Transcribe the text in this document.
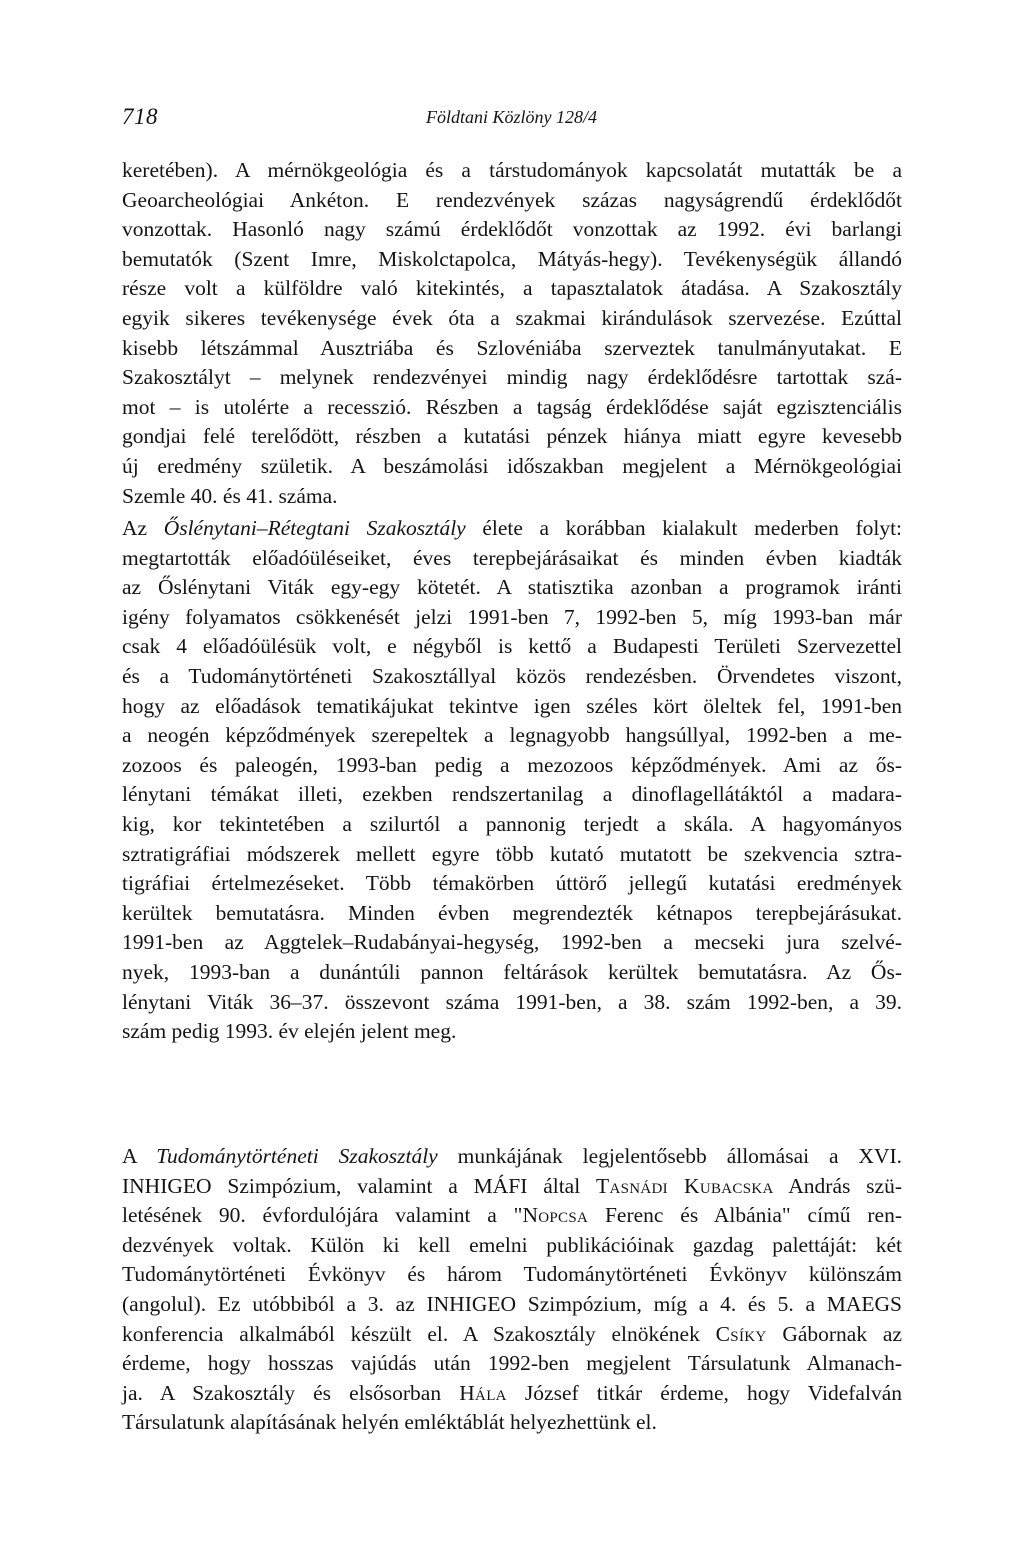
718	Földtani Közlöny 128/4
keretében). A mérnökgeológia és a társtudományok kapcsolatát mutatták be a
Geoarcheológiai Ankéton. E rendezvények százas nagyságrendű érdeklődőt
vonzottak. Hasonló nagy számú érdeklődőt vonzottak az 1992. évi barlangi
bemutatók (Szent Imre, Miskolctapolca, Mátyás-hegy). Tevékenységük állandó
része volt a külföldre való kitekintés, a tapasztalatok átadása. A Szakosztály
egyik sikeres tevékenysége évek óta a szakmai kirándulások szervezése. Ezúttal
kisebb létszámmal Ausztriába és Szlovéniába szerveztek tanulmányutakat. E
Szakosztályt – melynek rendezvényei mindig nagy érdeklődésre tartottak szá-
mot – is utolérte a recesszió. Részben a tagság érdeklődése saját egzisztenciális
gondjai felé terelődött, részben a kutatási pénzek hiánya miatt egyre kevesebb
új eredmény születik. A beszámolási időszakban megjelent a Mérnökgeológiai
Szemle 40. és 41. száma.
Az Őslénytani–Rétegtani Szakosztály élete a korábban kialakult mederben folyt:
megtartották előadóüléseiket, éves terepbejárásaikat és minden évben kiadták
az Őslénytani Viták egy-egy kötetét. A statisztika azonban a programok iránti
igény folyamatos csökkenését jelzi 1991-ben 7, 1992-ben 5, míg 1993-ban már
csak 4 előadóülésük volt, e négyből is kettő a Budapesti Területi Szervezettel
és a Tudománytörténeti Szakosztállyal közös rendezésben. Örvendetes viszont,
hogy az előadások tematikájukat tekintve igen széles kört öleltek fel, 1991-ben
a neogén képződmények szerepeltek a legnagyobb hangsúllyal, 1992-ben a me-
zozoos és paleogén, 1993-ban pedig a mezozoos képződmények. Ami az ős-
lénytani témákat illeti, ezekben rendszertanilag a dinoflagellátáktól a madara-
kig, kor tekintetében a szilurtól a pannonig terjedt a skála. A hagyományos
sztratigráfiai módszerek mellett egyre több kutató mutatott be szekvencia sztra-
tigráfiai értelmezéseket. Több témakörben úttörő jellegű kutatási eredmények
kerültek bemutatásra. Minden évben megrendezték kétnapos terepbejárásukat.
1991-ben az Aggtelek–Rudabányai-hegység, 1992-ben a mecseki jura szelvé-
nyek, 1993-ban a dunántúli pannon feltárások kerültek bemutatásra. Az Ős-
lénytani Viták 36–37. összevont száma 1991-ben, a 38. szám 1992-ben, a 39.
szám pedig 1993. év elején jelent meg.
A Tudománytörténeti Szakosztály munkájának legjelentősebb állomásai a XVI.
INHIGEO Szimpózium, valamint a MÁFI által Tasnádi Kubacska András szü-
letésének 90. évfordulójára valamint a "Nopcsa Ferenc és Albánia" című ren-
dezvények voltak. Külön ki kell emelni publikációinak gazdag palettáját: két
Tudománytörténeti Évkönyv és három Tudománytörténeti Évkönyv különszám
(angolul). Ez utóbbiból a 3. az INHIGEO Szimpózium, míg a 4. és 5. a MAEGS
konferencia alkalmából készült el. A Szakosztály elnökének Csíky Gábornak az
érdeme, hogy hosszas vajúdás után 1992-ben megjelent Társulatunk Almanach-
ja. A Szakosztály és elsősorban Hála József titkár érdeme, hogy Videfalván
Társulatunk alapításának helyén emléktáblát helyezhettünk el.
